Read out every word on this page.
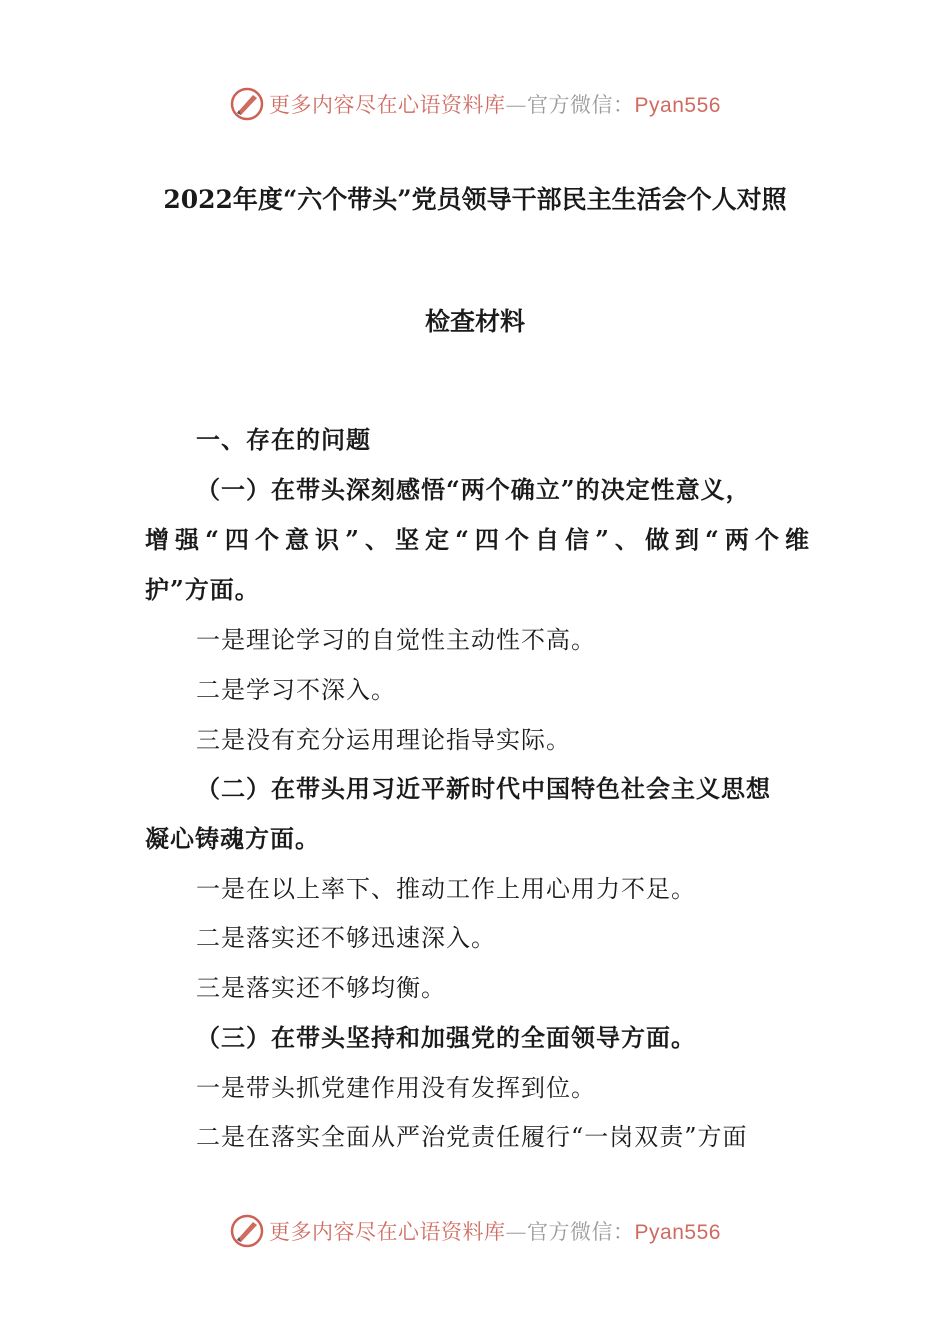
更多内容尽在心语资料库—官方微信：Pyan556
2022年度“六个带头”党员领导干部民主生活会个人对照
检查材料
一、存在的问题
（一）在带头深刻感悟“两个确立”的决定性意义，
增强“四个意识”、坚定“四个自信”、做到“两个维
护”方面。
一是理论学习的自觉性主动性不高。
二是学习不深入。
三是没有充分运用理论指导实际。
（二）在带头用习近平新时代中国特色社会主义思想
凝心铸魂方面。
一是在以上率下、推动工作上用心用力不足。
二是落实还不够迅速深入。
三是落实还不够均衡。
（三）在带头坚持和加强党的全面领导方面。
一是带头抓党建作用没有发挥到位。
二是在落实全面从严治党责任履行“一岗双责”方面
更多内容尽在心语资料库—官方微信：Pyan556
